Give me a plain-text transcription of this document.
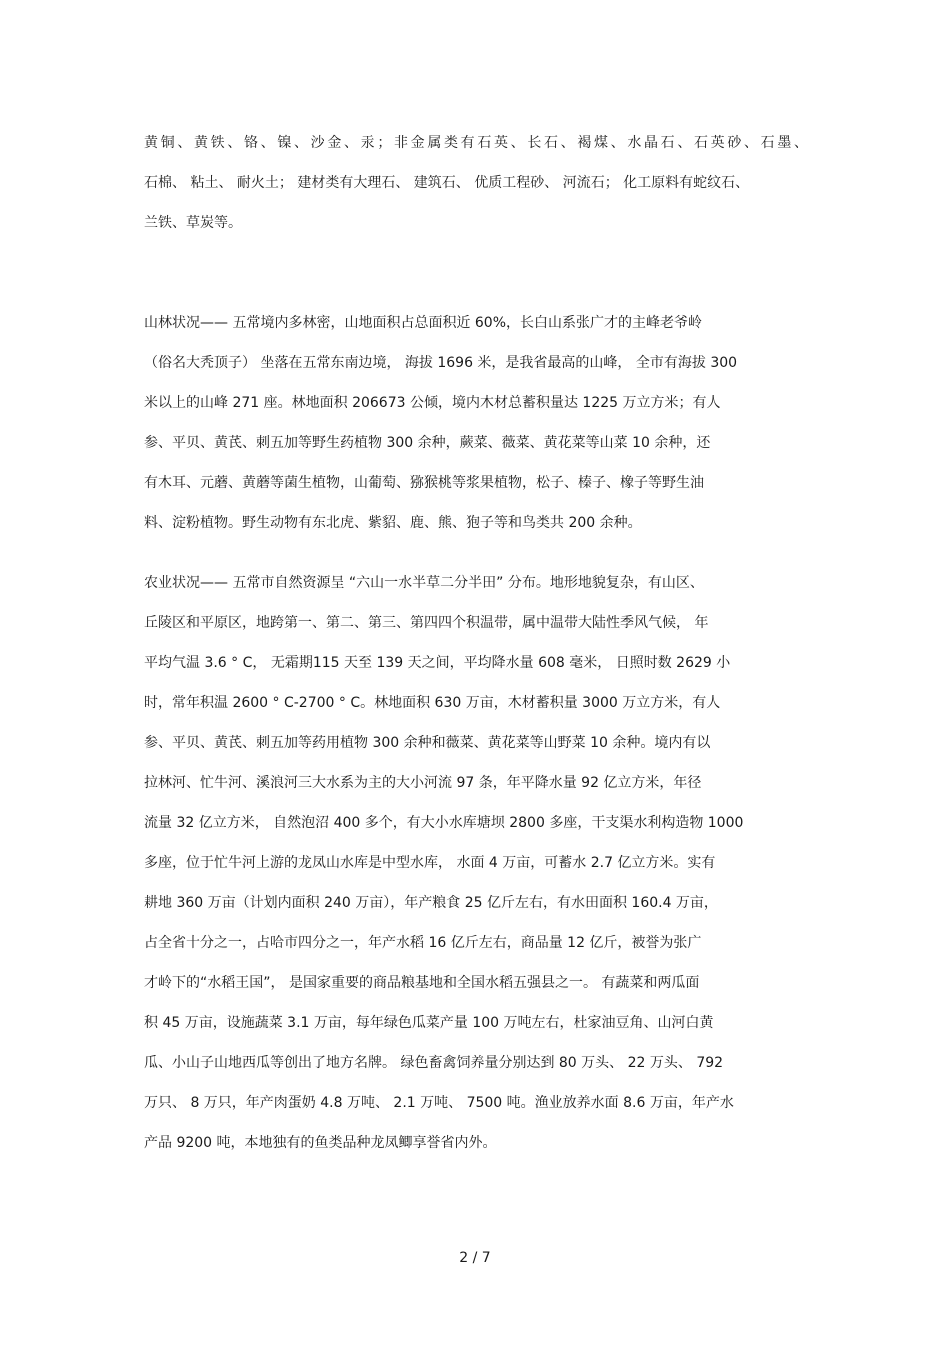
黄铜、黄铁、铬、镍、沙金、汞；非金属类有石英、长石、褐煤、水晶石、石英砂、石墨、
石棉、 粘土、 耐火土； 建材类有大理石、 建筑石、 优质工程砂、 河流石； 化工原料有蛇纹石、
兰铁、草炭等。
山林状况—— 五常境内多林密，山地面积占总面积近 60%，长白山系张广才的主峰老爷岭
（俗名大秃顶子） 坐落在五常东南边境， 海拔 1696 米，是我省最高的山峰， 全市有海拔 300
米以上的山峰 271 座。林地面积 206673 公倾，境内木材总蓄积量达 1225 万立方米；有人
参、平贝、黄芪、刺五加等野生药植物 300 余种，蕨菜、薇菜、黄花菜等山菜 10 余种，还
有木耳、元蘑、黄蘑等菌生植物，山葡萄、猕猴桃等浆果植物，松子、榛子、橡子等野生油
料、淀粉植物。野生动物有东北虎、紫貂、鹿、熊、狍子等和鸟类共 200 余种。
农业状况—— 五常市自然资源呈 “六山一水半草二分半田” 分布。地形地貌复杂，有山区、
丘陵区和平原区，地跨第一、第二、第三、第四四个积温带，属中温带大陆性季风气候， 年
平均气温 3.6 ° C， 无霜期115 天至 139 天之间，平均降水量 608 毫米， 日照时数 2629 小
时，常年积温 2600 ° C-2700 ° C。林地面积 630 万亩，木材蓄积量 3000 万立方米，有人
参、平贝、黄芪、刺五加等药用植物 300 余种和薇菜、黄花菜等山野菜 10 余种。境内有以
拉林河、忙牛河、溪浪河三大水系为主的大小河流 97 条，年平降水量 92 亿立方米，年径
流量 32 亿立方米， 自然泡沼 400 多个，有大小水库塘坝 2800 多座，干支渠水利构造物 1000
多座，位于忙牛河上游的龙凤山水库是中型水库， 水面 4 万亩，可蓄水 2.7 亿立方米。实有
耕地 360 万亩（计划内面积 240 万亩），年产粮食 25 亿斤左右，有水田面积 160.4 万亩，
占全省十分之一，占哈市四分之一，年产水稻 16 亿斤左右，商品量 12 亿斤，被誉为张广
才岭下的“水稻王国”， 是国家重要的商品粮基地和全国水稻五强县之一。 有蔬菜和两瓜面
积 45 万亩，设施蔬菜 3.1 万亩，每年绿色瓜菜产量 100 万吨左右，杜家油豆角、山河白黄
瓜、小山子山地西瓜等创出了地方名牌。 绿色畜禽饲养量分别达到 80 万头、 22 万头、 792
万只、 8 万只，年产肉蛋奶 4.8 万吨、 2.1 万吨、 7500 吨。渔业放养水面 8.6 万亩，年产水
产品 9200 吨，本地独有的鱼类品种龙凤鲫享誉省内外。
2 / 7
